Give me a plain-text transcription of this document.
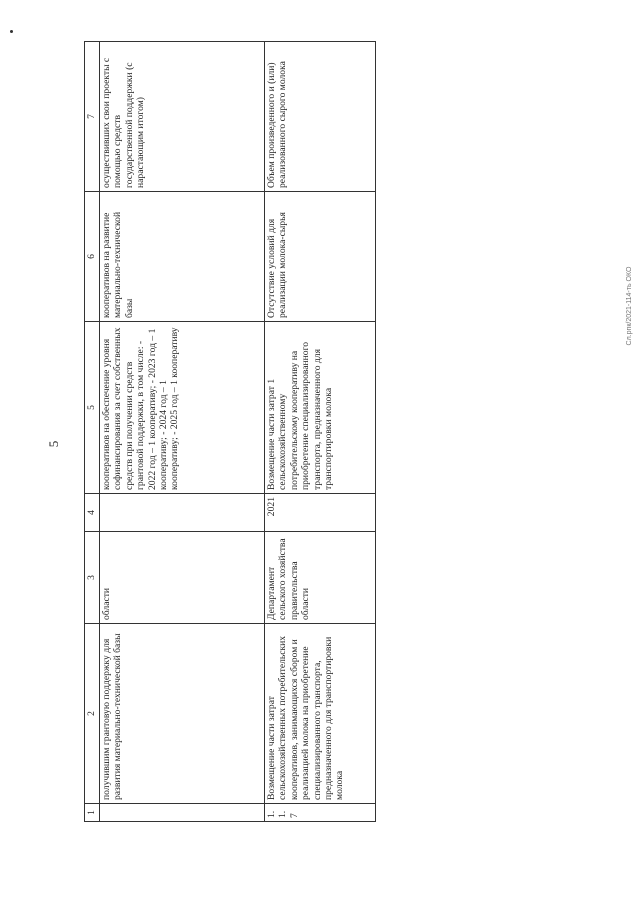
5
Сл.рпк/2021-114-ть ОКО
1	2	3	4	5	6	7
	получившим грантовую поддержку для развития материально-технической базы	области		кооперативов на обеспечение уровня софинансирования за счет собственных средств при получении средств грантовой поддержки, в том числе: - 2022 год – 1 кооперативу; - 2023 год – 1 кооперативу; - 2024 год – 1 кооперативу; - 2025 год – 1 кооперативу	кооперативов на развитие материально-технической базы	осуществивших свои проекты с помощью средств государственной поддержки (с нарастающим итогом)
1.1.7	Возмещение части затрат сельскохозяйственных потребительских кооперативов, занимающихся сбором и реализацией молока на приобретение специализированного транспорта, предназначенного для транспортировки молока	Департамент сельского хозяйства правительства области	2021	Возмещение части затрат 1 сельскохозяйственному потребительскому кооперативу на приобретение специализированного транспорта, предназначенного для транспортировки молока	Отсутствие условий для реализации молока-сырья	Объем произведенного и (или) реализованного сырого молока
